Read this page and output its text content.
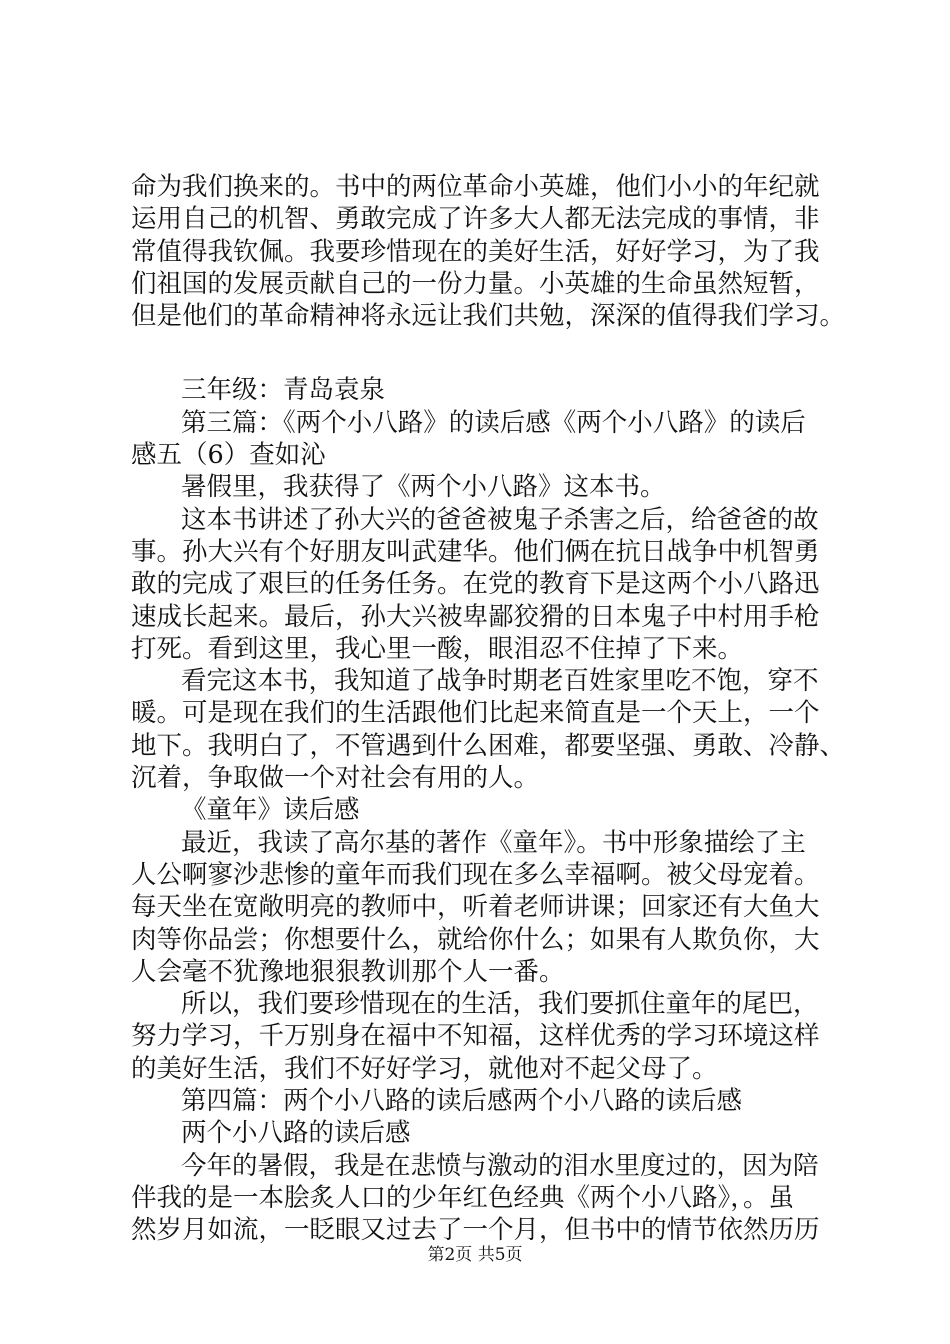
命为我们换来的。书中的两位革命小英雄，他们小小的年纪就
运用自己的机智、勇敢完成了许多大人都无法完成的事情，非
常值得我钦佩。我要珍惜现在的美好生活，好好学习，为了我
们祖国的发展贡献自己的一份力量。小英雄的生命虽然短暂，
但是他们的革命精神将永远让我们共勉，深深的值得我们学习。
三年级：青岛袁泉
第三篇：《两个小八路》的读后感《两个小八路》的读后
感五（6）查如沁
暑假里，我获得了《两个小八路》这本书。
这本书讲述了孙大兴的爸爸被鬼子杀害之后，给爸爸的故
事。孙大兴有个好朋友叫武建华。他们俩在抗日战争中机智勇
敢的完成了艰巨的任务任务。在党的教育下是这两个小八路迅
速成长起来。最后，孙大兴被卑鄙狡猾的日本鬼子中村用手枪
打死。看到这里，我心里一酸，眼泪忍不住掉了下来。
看完这本书，我知道了战争时期老百姓家里吃不饱，穿不
暖。可是现在我们的生活跟他们比起来简直是一个天上，一个
地下。我明白了，不管遇到什么困难，都要坚强、勇敢、冷静、
沉着，争取做一个对社会有用的人。
《童年》读后感
最近，我读了高尔基的著作《童年》。书中形象描绘了主
人公啊寥沙悲惨的童年而我们现在多么幸福啊。被父母宠着。
每天坐在宽敞明亮的教师中，听着老师讲课；回家还有大鱼大
肉等你品尝；你想要什么，就给你什么；如果有人欺负你，大
人会毫不犹豫地狠狠教训那个人一番。
所以，我们要珍惜现在的生活，我们要抓住童年的尾巴，
努力学习，千万别身在福中不知福，这样优秀的学习环境这样
的美好生活，我们不好好学习，就他对不起父母了。
第四篇：两个小八路的读后感两个小八路的读后感
两个小八路的读后感
今年的暑假，我是在悲愤与激动的泪水里度过的，因为陪
伴我的是一本脍炙人口的少年红色经典《两个小八路》，。虽
然岁月如流，一眨眼又过去了一个月，但书中的情节依然历历
第2页 共5页
